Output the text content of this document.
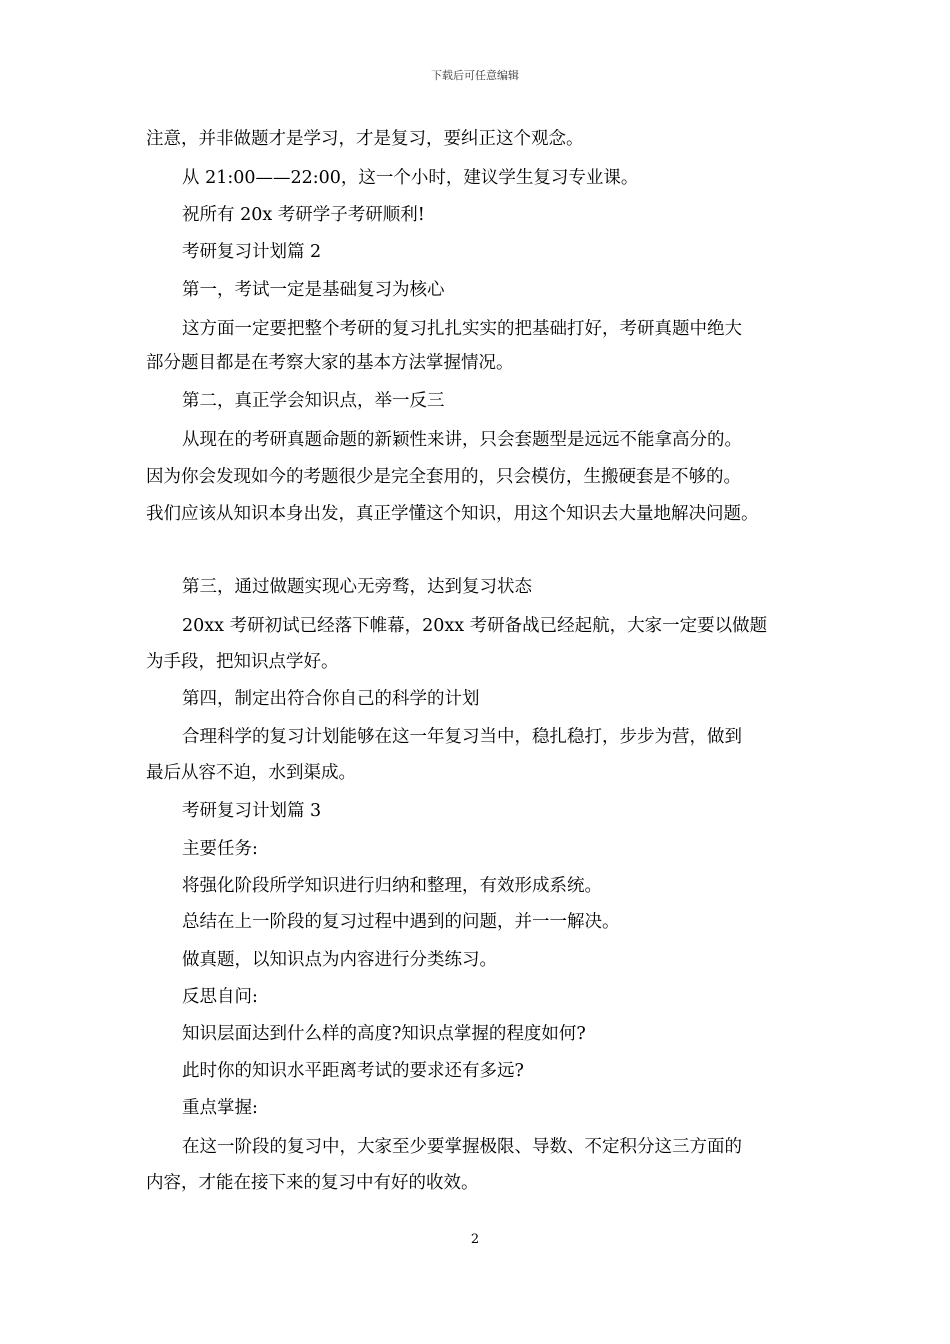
下载后可任意编辑
注意，并非做题才是学习，才是复习，要纠正这个观念。
从 21:00——22:00，这一个小时，建议学生复习专业课。
祝所有 20x 考研学子考研顺利!
考研复习计划篇 2
第一，考试一定是基础复习为核心
这方面一定要把整个考研的复习扎扎实实的把基础打好，考研真题中绝大
部分题目都是在考察大家的基本方法掌握情况。
第二，真正学会知识点，举一反三
从现在的考研真题命题的新颖性来讲，只会套题型是远远不能拿高分的。
因为你会发现如今的考题很少是完全套用的，只会模仿，生搬硬套是不够的。
我们应该从知识本身出发，真正学懂这个知识，用这个知识去大量地解决问题。
第三，通过做题实现心无旁骛，达到复习状态
20xx 考研初试已经落下帷幕，20xx 考研备战已经起航，大家一定要以做题
为手段，把知识点学好。
第四，制定出符合你自己的科学的计划
合理科学的复习计划能够在这一年复习当中，稳扎稳打，步步为营，做到
最后从容不迫，水到渠成。
考研复习计划篇 3
主要任务:
将强化阶段所学知识进行归纳和整理，有效形成系统。
总结在上一阶段的复习过程中遇到的问题，并一一解决。
做真题，以知识点为内容进行分类练习。
反思自问:
知识层面达到什么样的高度?知识点掌握的程度如何?
此时你的知识水平距离考试的要求还有多远?
重点掌握:
在这一阶段的复习中，大家至少要掌握极限、导数、不定积分这三方面的
内容，才能在接下来的复习中有好的收效。
2
